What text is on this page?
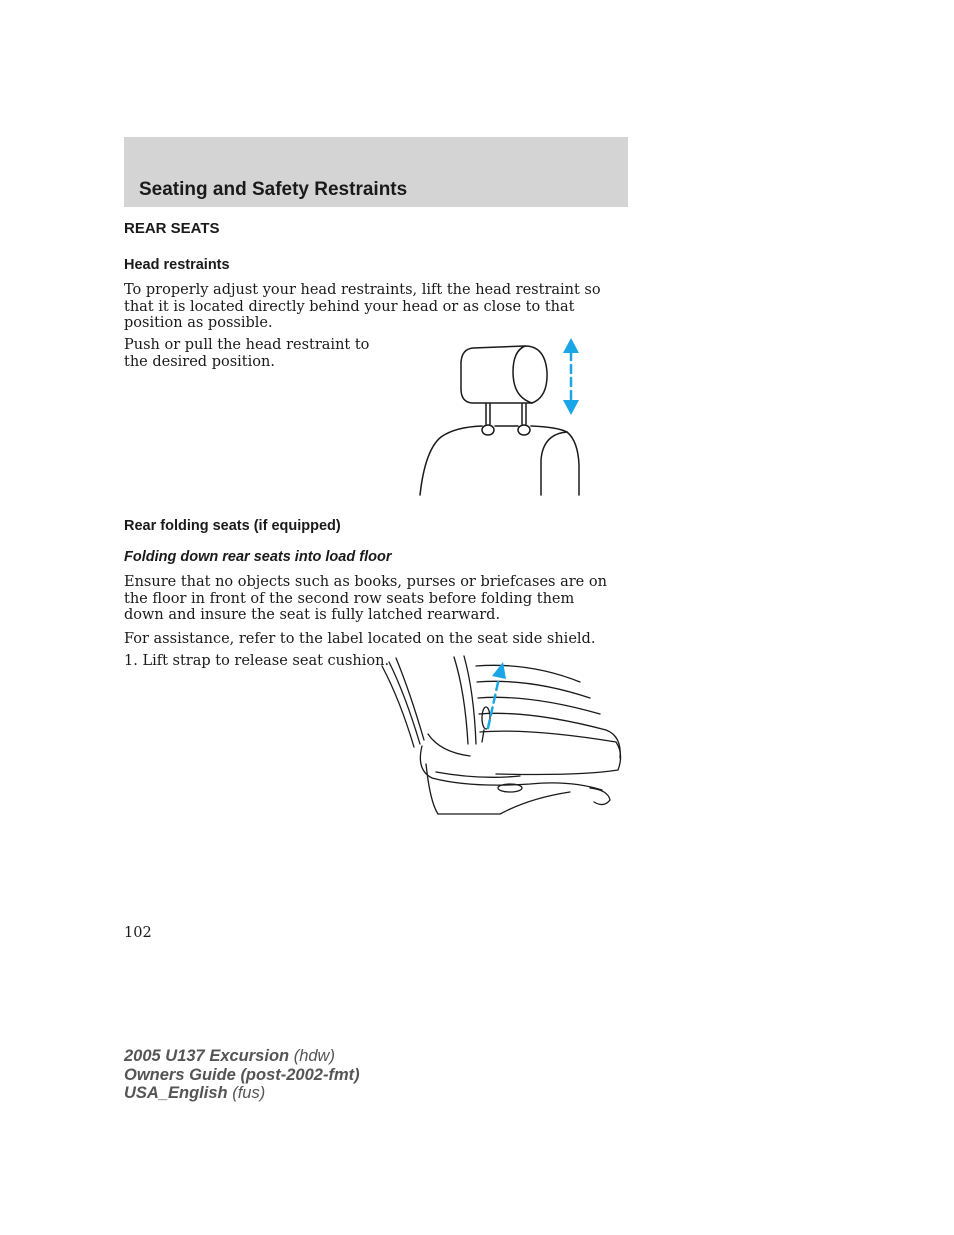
Seating and Safety Restraints
REAR SEATS
Head restraints

To properly adjust your head restraints, lift the head restraint so that it is located directly behind your head or as close to that position as possible.

Push or pull the head restraint to
the desired position.

Rear folding seats (if equipped)
Folding down rear seats into load floor

Ensure that no objects such as books, purses or briefcases are on the floor in front of the second row seats before folding them down and insure the seat is fully latched rearward.

For assistance, refer to the label located on the seat side shield.

1. Lift strap to release seat cushion.

102

2005 U137 Excursion (hdw)
Owners Guide (post-2002-fmt)
USA_English (fus)
